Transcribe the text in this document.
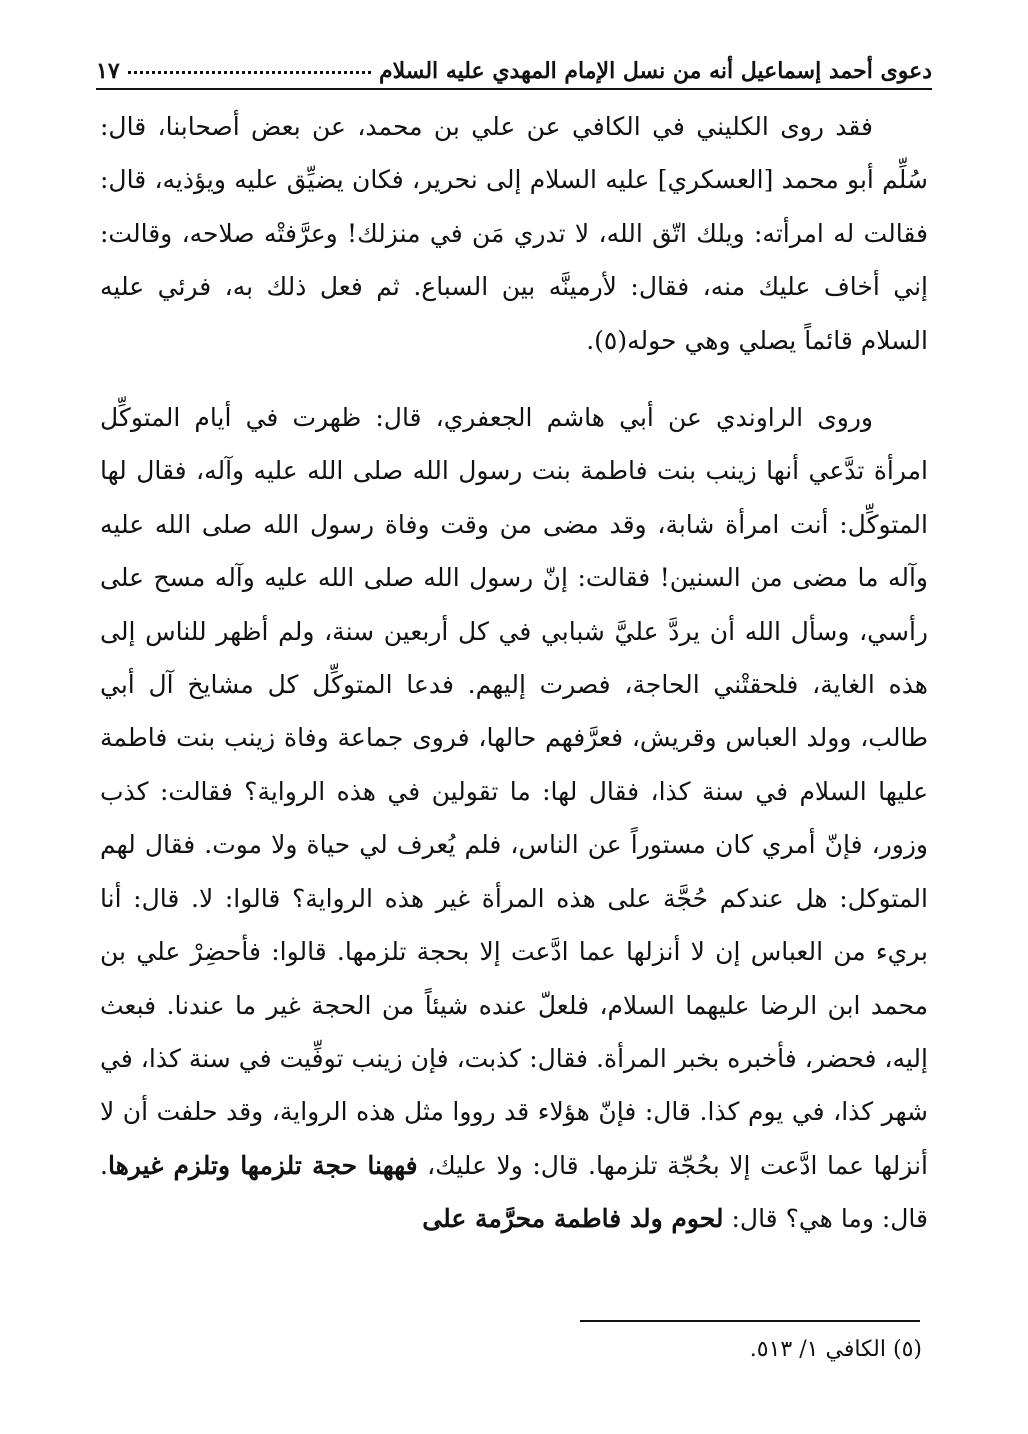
دعوى أحمد إسماعيل أنه من نسل الإمام المهدي عليه السلام
١٧

فقد روى الكليني في الكافي عن علي بن محمد، عن بعض أصحابنا، قال: سُلِّم أبو محمد [العسكري] عليه السلام إلى نحرير، فكان يضيِّق عليه ويؤذيه، قال: فقالت له امرأته: ويلك اتّق الله، لا تدري مَن في منزلك! وعرَّفتْه صلاحه، وقالت: إني أخاف عليك منه، فقال: لأرمينَّه بين السباع. ثم فعل ذلك به، فرئي عليه السلام قائماً يصلي وهي حوله(٥).

وروى الراوندي عن أبي هاشم الجعفري، قال: ظهرت في أيام المتوكِّل امرأة تدَّعي أنها زينب بنت فاطمة بنت رسول الله صلى الله عليه وآله، فقال لها المتوكِّل: أنت امرأة شابة، وقد مضى من وقت وفاة رسول الله صلى الله عليه وآله ما مضى من السنين! فقالت: إنّ رسول الله صلى الله عليه وآله مسح على رأسي، وسأل الله أن يردَّ عليَّ شبابي في كل أربعين سنة، ولم أظهر للناس إلى هذه الغاية، فلحقتْني الحاجة، فصرت إليهم. فدعا المتوكِّل كل مشايخ آل أبي طالب، وولد العباس وقريش، فعرَّفهم حالها، فروى جماعة وفاة زينب بنت فاطمة عليها السلام في سنة كذا، فقال لها: ما تقولين في هذه الرواية؟ فقالت: كذب وزور، فإنّ أمري كان مستوراً عن الناس، فلم يُعرف لي حياة ولا موت. فقال لهم المتوكل: هل عندكم حُجَّة على هذه المرأة غير هذه الرواية؟ قالوا: لا. قال: أنا بريء من العباس إن لا أنزلها عما ادَّعت إلا بحجة تلزمها. قالوا: فأحضِرْ علي بن محمد ابن الرضا عليهما السلام، فلعلّ عنده شيئاً من الحجة غير ما عندنا. فبعث إليه، فحضر، فأخبره بخبر المرأة. فقال: كذبت، فإن زينب توفِّيت في سنة كذا، في شهر كذا، في يوم كذا. قال: فإنّ هؤلاء قد رووا مثل هذه الرواية، وقد حلفت أن لا أنزلها عما ادَّعت إلا بحُجّة تلزمها. قال: ولا عليك، فههنا حجة تلزمها وتلزم غيرها. قال: وما هي؟ قال: لحوم ولد فاطمة محرَّمة على

(٥) الكافي ١/ ٥١٣.
